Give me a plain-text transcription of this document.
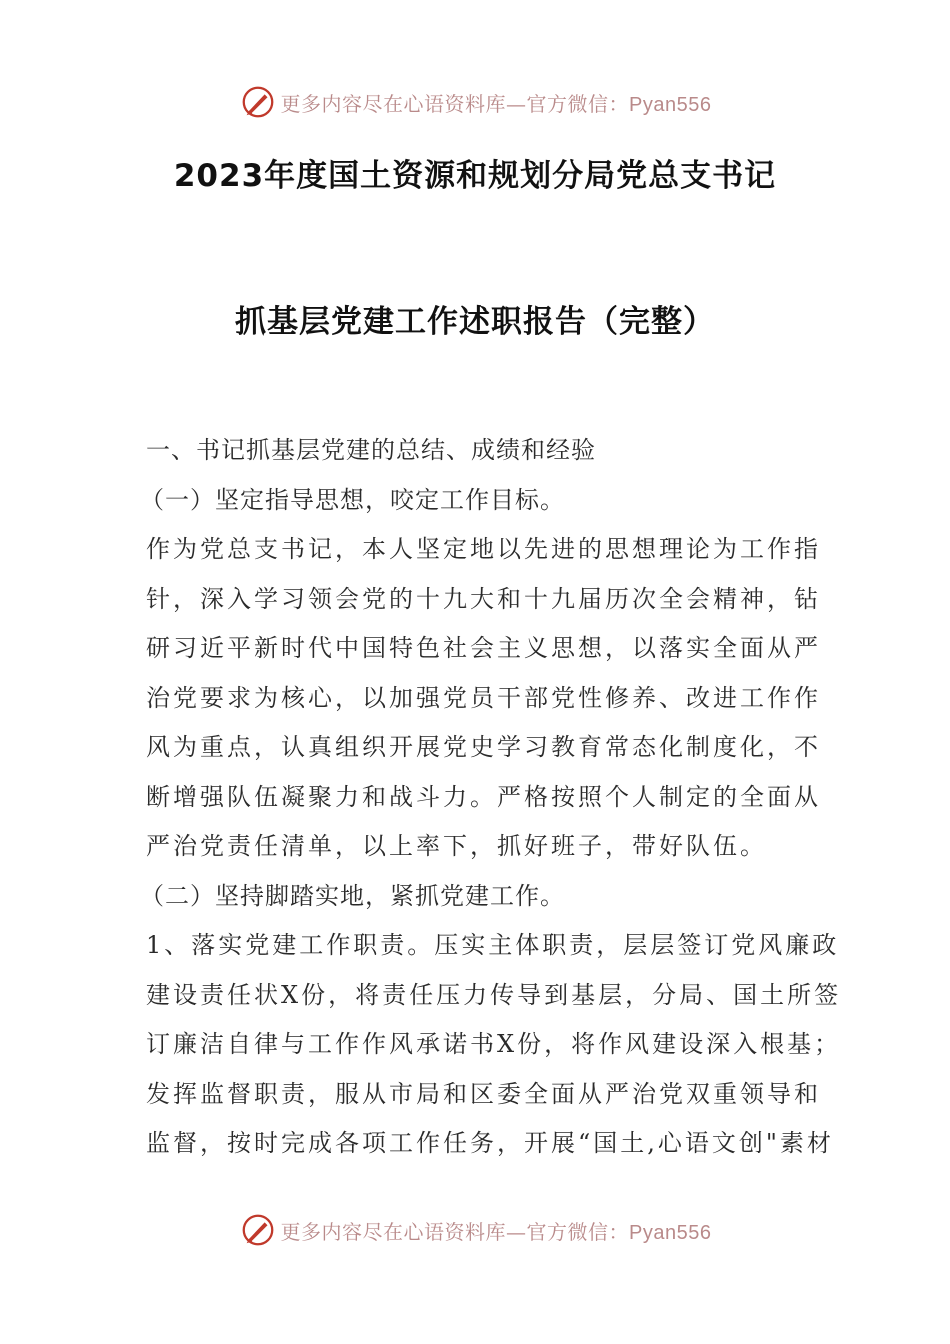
更多内容尽在心语资料库—官方微信：Pyan556
2023年度国土资源和规划分局党总支书记
抓基层党建工作述职报告（完整）
一、书记抓基层党建的总结、成绩和经验
（一）坚定指导思想，咬定工作目标。
作为党总支书记，本人坚定地以先进的思想理论为工作指
针，深入学习领会党的十九大和十九届历次全会精神，钻
研习近平新时代中国特色社会主义思想，以落实全面从严
治党要求为核心，以加强党员干部党性修养、改进工作作
风为重点，认真组织开展党史学习教育常态化制度化，不
断增强队伍凝聚力和战斗力。严格按照个人制定的全面从
严治党责任清单，以上率下，抓好班子，带好队伍。
（二）坚持脚踏实地，紧抓党建工作。
1、落实党建工作职责。压实主体职责，层层签订党风廉政
建设责任状X份，将责任压力传导到基层，分局、国土所签
订廉洁自律与工作作风承诺书X份，将作风建设深入根基；
发挥监督职责，服从市局和区委全面从严治党双重领导和
监督，按时完成各项工作任务，开展“国土,心语文创"素材
更多内容尽在心语资料库—官方微信：Pyan556
